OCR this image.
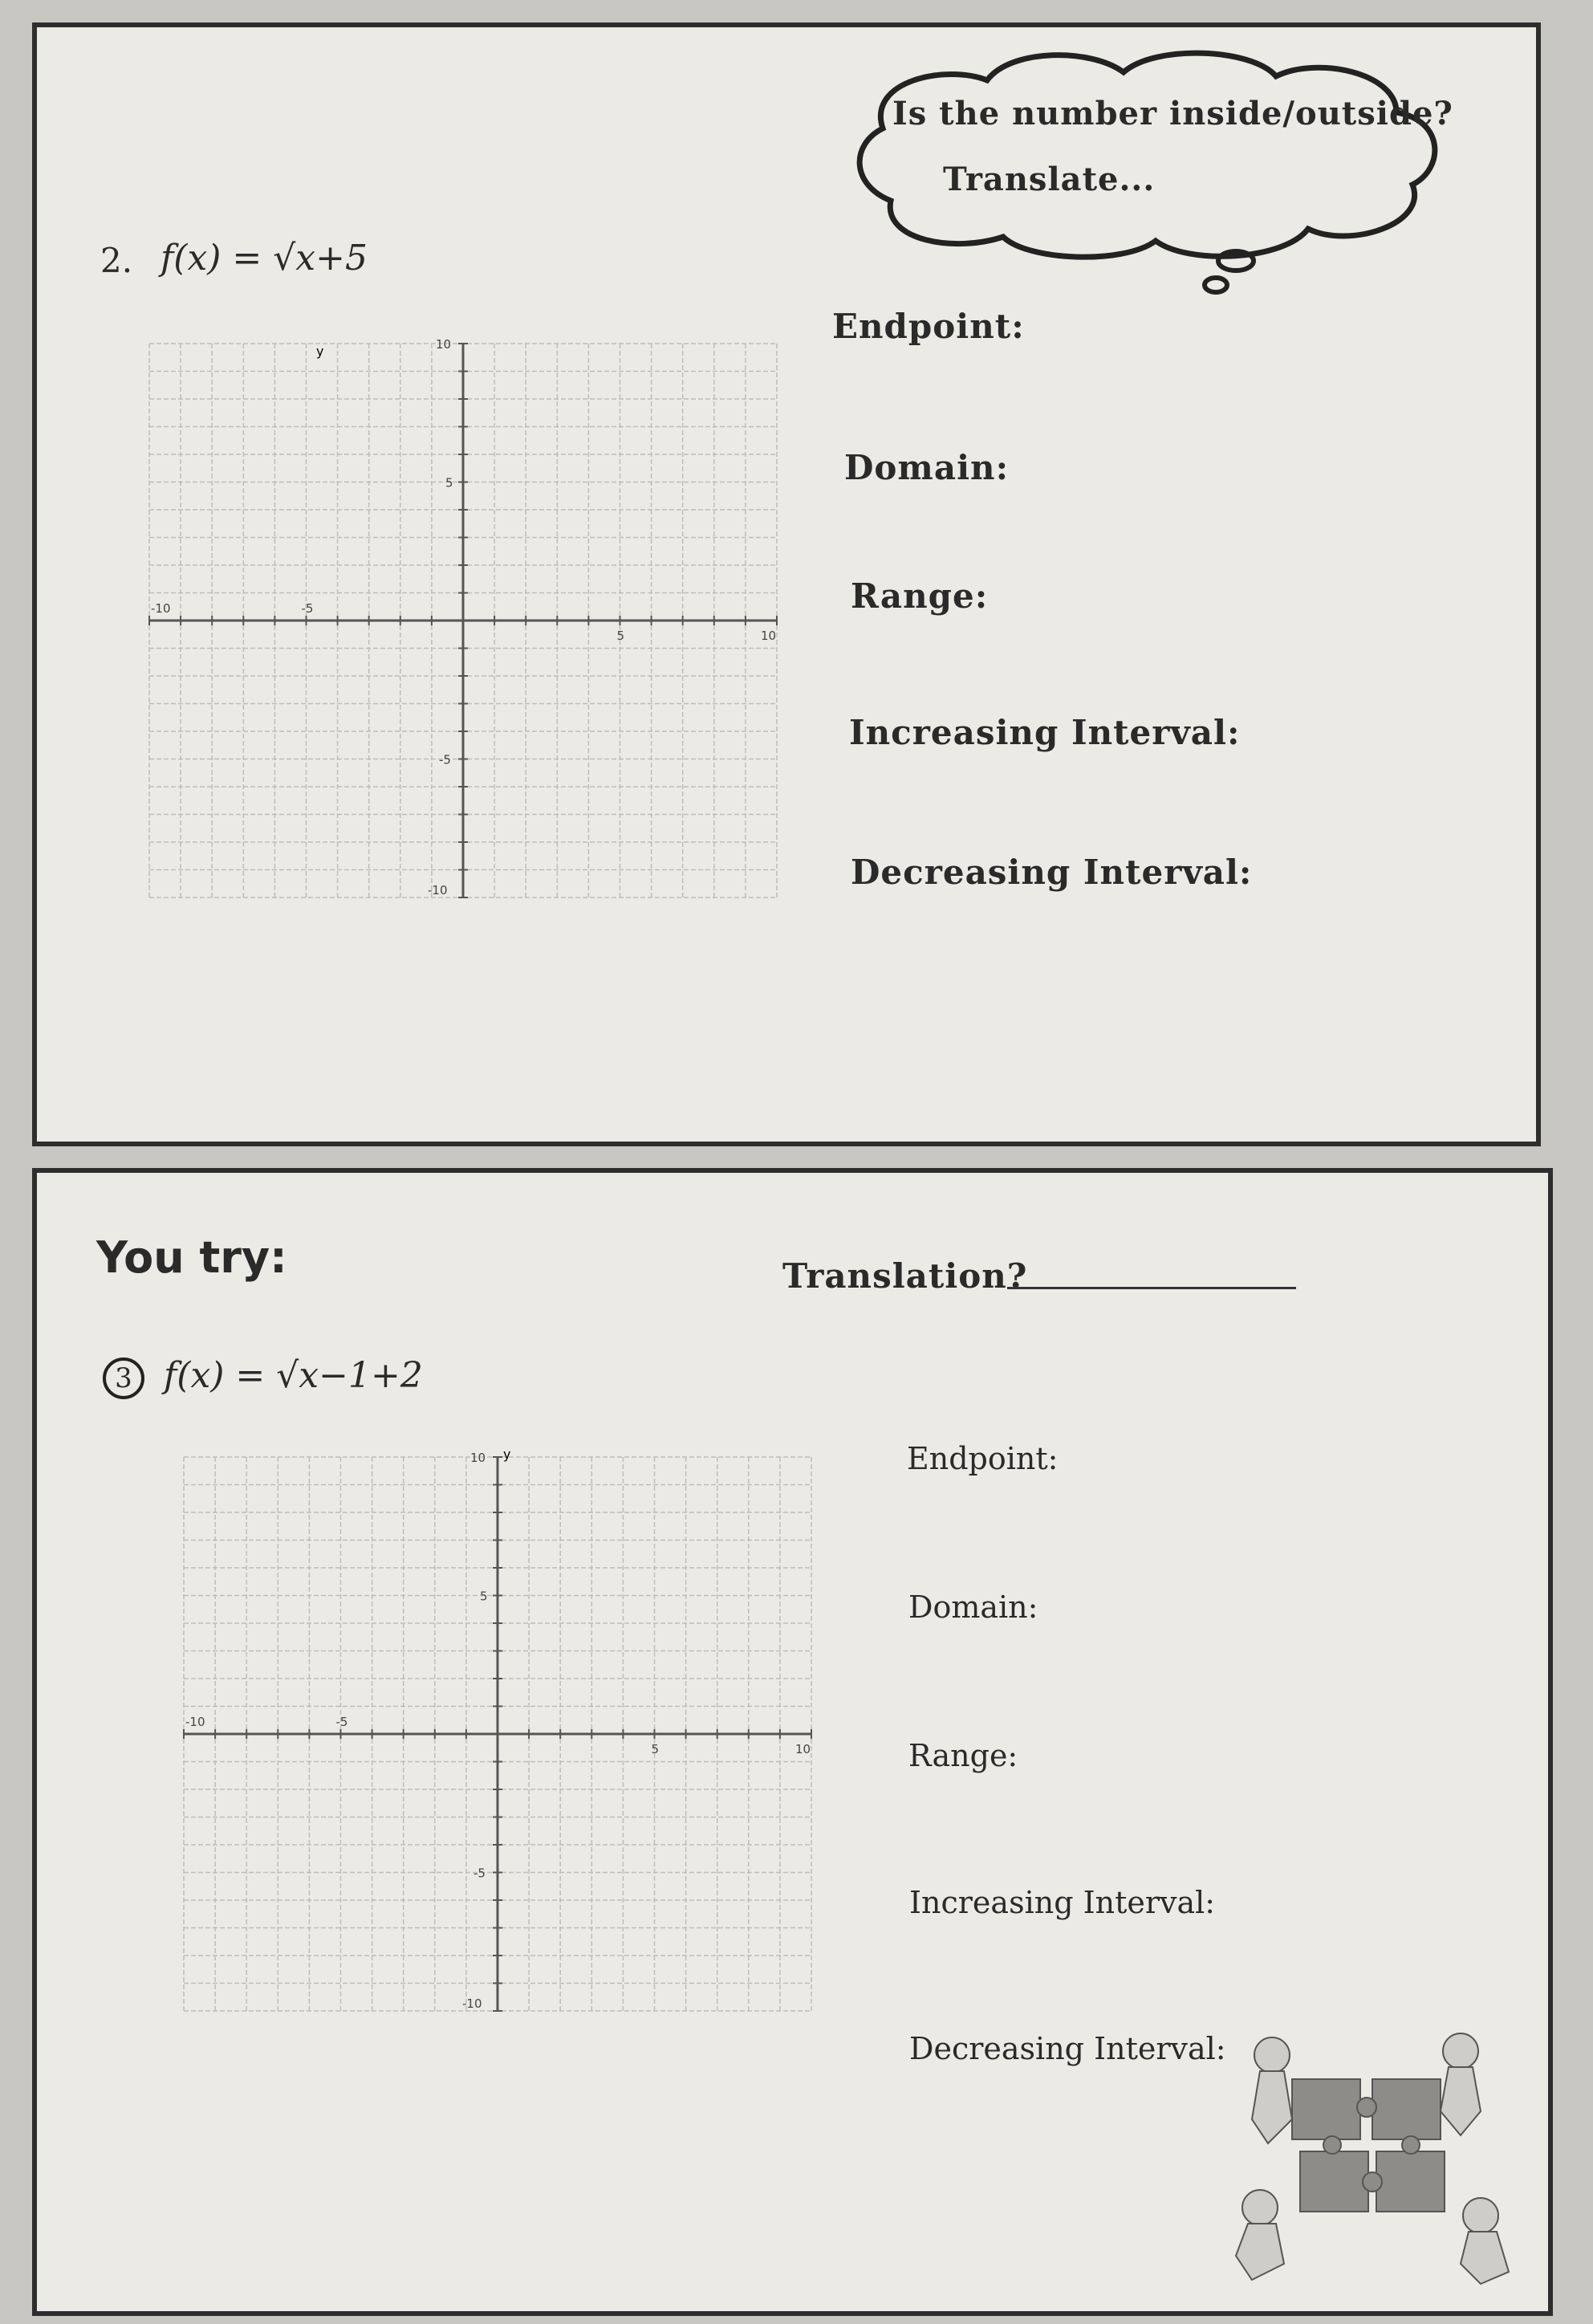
Is the number inside/outside?
Translate...
2. f(x) = √x+5
-10	-5
5	10
10
5
-5
-10
y
Endpoint:
Domain:
Range:
Increasing Interval:
Decreasing Interval:
You try:	Translation?
3 f(x) = √x−1+2
-10	-5
5	10
10
5
-5
-10
y	Endpoint:
Domain:
Range:
Increasing Interval:
Decreasing Interval:
